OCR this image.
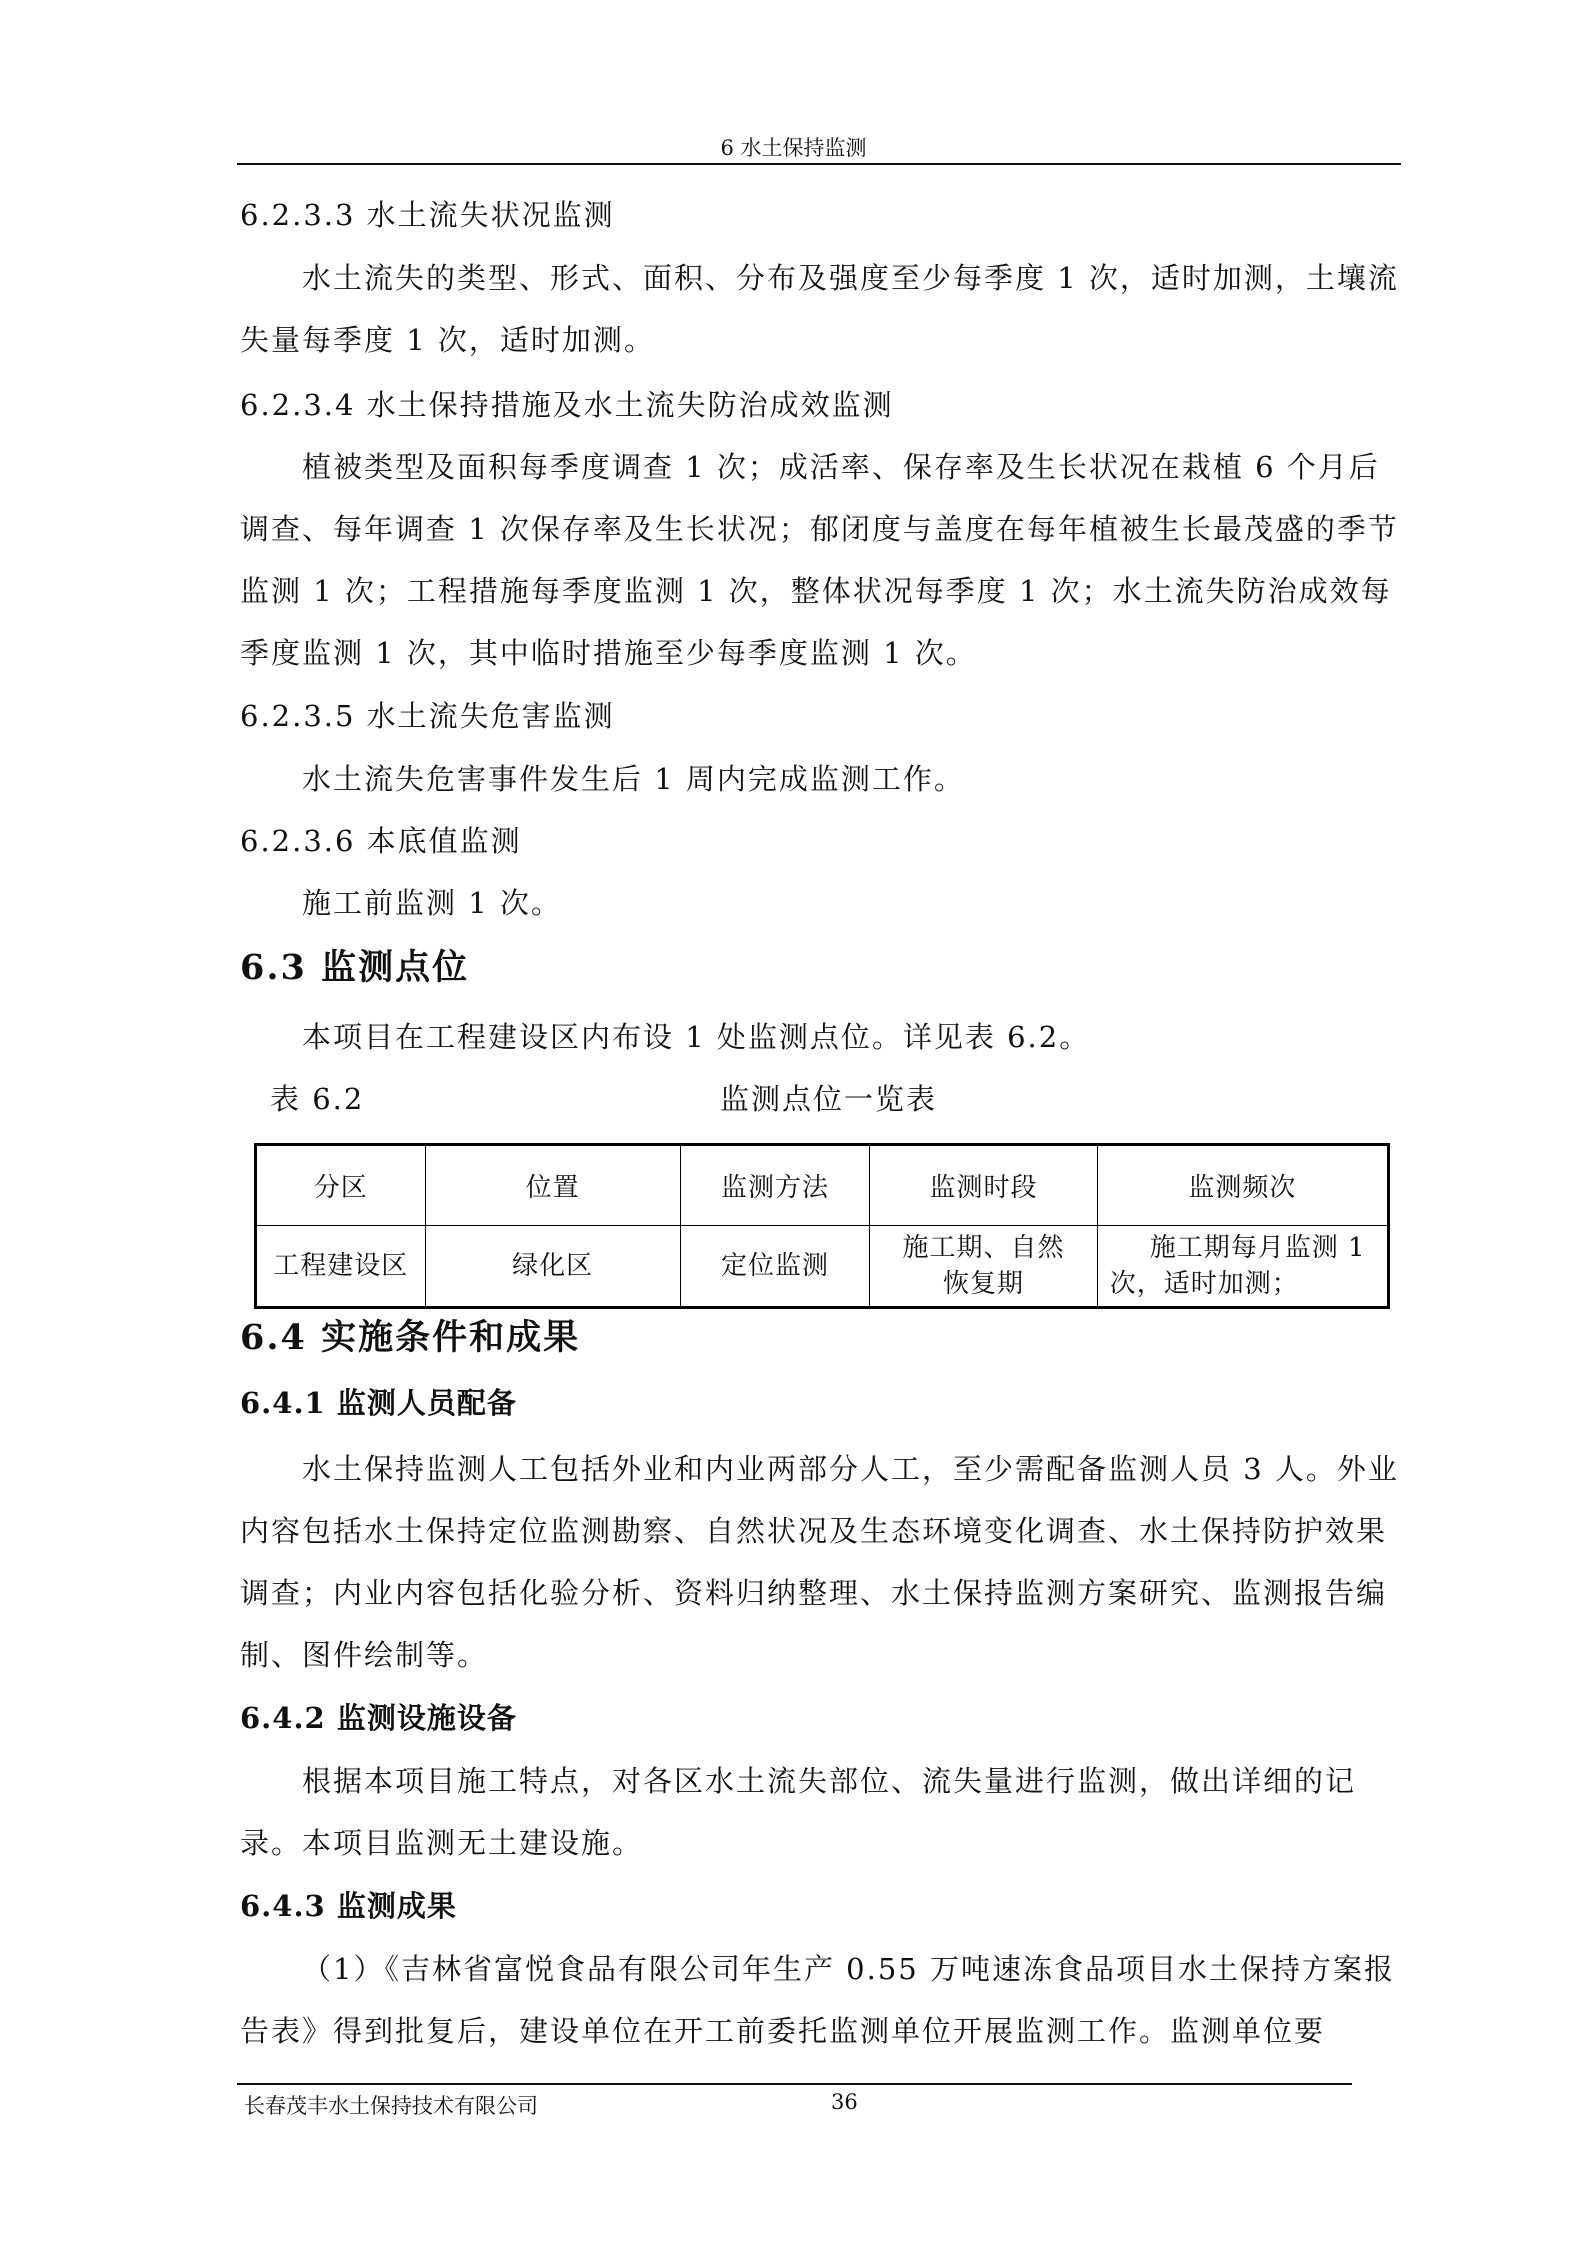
6 水土保持监测
6.2.3.3 水土流失状况监测
水土流失的类型、形式、面积、分布及强度至少每季度 1 次，适时加测，土壤流失量每季度 1 次，适时加测。
6.2.3.4 水土保持措施及水土流失防治成效监测
植被类型及面积每季度调查 1 次；成活率、保存率及生长状况在栽植 6 个月后调查、每年调查 1 次保存率及生长状况；郁闭度与盖度在每年植被生长最茂盛的季节监测 1 次；工程措施每季度监测 1 次，整体状况每季度 1 次；水土流失防治成效每季度监测 1 次，其中临时措施至少每季度监测 1 次。
6.2.3.5 水土流失危害监测
水土流失危害事件发生后 1 周内完成监测工作。
6.2.3.6 本底值监测
施工前监测 1 次。
6.3 监测点位
本项目在工程建设区内布设 1 处监测点位。详见表 6.2。
表 6.2	监测点位一览表
分区	位置	监测方法	监测时段	监测频次
工程建设区	绿化区	定位监测	施工期、自然恢复期	施工期每月监测 1 次，适时加测；
6.4 实施条件和成果
6.4.1 监测人员配备
水土保持监测人工包括外业和内业两部分人工，至少需配备监测人员 3 人。外业内容包括水土保持定位监测勘察、自然状况及生态环境变化调查、水土保持防护效果调查；内业内容包括化验分析、资料归纳整理、水土保持监测方案研究、监测报告编制、图件绘制等。
6.4.2 监测设施设备
根据本项目施工特点，对各区水土流失部位、流失量进行监测，做出详细的记录。本项目监测无土建设施。
6.4.3 监测成果
（1）《吉林省富悦食品有限公司年生产 0.55 万吨速冻食品项目水土保持方案报告表》得到批复后，建设单位在开工前委托监测单位开展监测工作。监测单位要
长春茂丰水土保持技术有限公司	36
